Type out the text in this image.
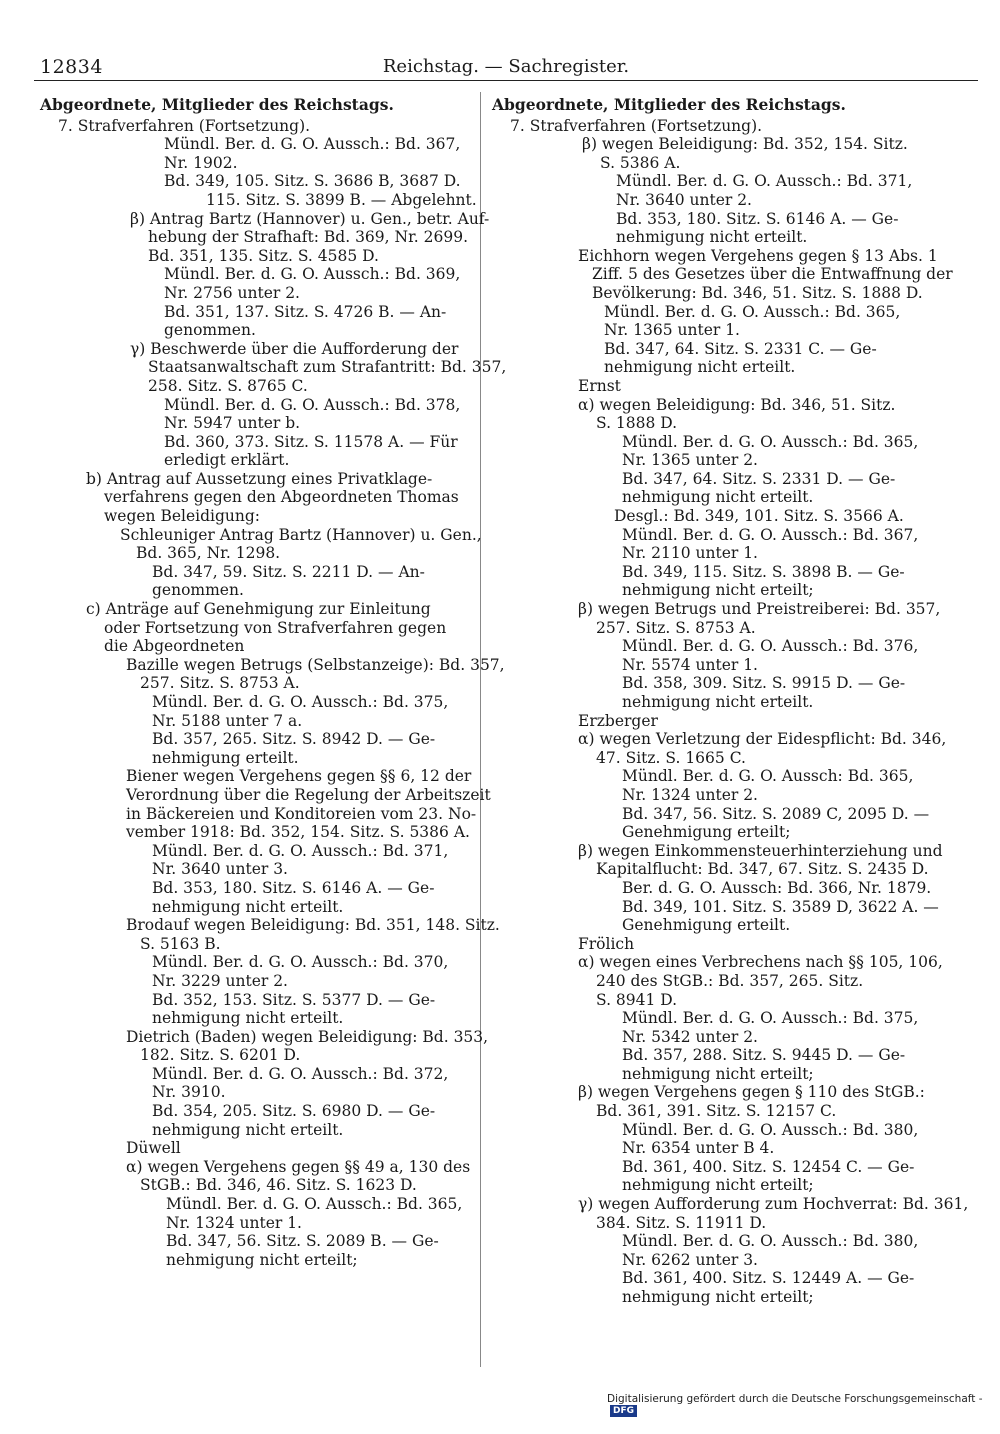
12834	Reichstag. — Sachregister.
Abgeordnete, Mitglieder des Reichstags.
7. Strafverfahren (Fortsetzung).
Mündl. Ber. d. G. O. Aussch.: Bd. 367,
Nr. 1902.
Bd. 349, 105. Sitz. S. 3686 B, 3687 D.
115. Sitz. S. 3899 B. — Abgelehnt.
β) Antrag Bartz (Hannover) u. Gen., betr. Auf-
hebung der Strafhaft: Bd. 369, Nr. 2699.
Bd. 351, 135. Sitz. S. 4585 D.
Mündl. Ber. d. G. O. Aussch.: Bd. 369,
Nr. 2756 unter 2.
Bd. 351, 137. Sitz. S. 4726 B. — An-
genommen.
γ) Beschwerde über die Aufforderung der
Staatsanwaltschaft zum Strafantritt: Bd. 357,
258. Sitz. S. 8765 C.
Mündl. Ber. d. G. O. Aussch.: Bd. 378,
Nr. 5947 unter b.
Bd. 360, 373. Sitz. S. 11578 A. — Für
erledigt erklärt.
b) Antrag auf Aussetzung eines Privatklage-
verfahrens gegen den Abgeordneten Thomas
wegen Beleidigung:
Schleuniger Antrag Bartz (Hannover) u. Gen.,
Bd. 365, Nr. 1298.
Bd. 347, 59. Sitz. S. 2211 D. — An-
genommen.
c) Anträge auf Genehmigung zur Einleitung
oder Fortsetzung von Strafverfahren gegen
die Abgeordneten
Bazille wegen Betrugs (Selbstanzeige): Bd. 357,
257. Sitz. S. 8753 A.
Mündl. Ber. d. G. O. Aussch.: Bd. 375,
Nr. 5188 unter 7 a.
Bd. 357, 265. Sitz. S. 8942 D. — Ge-
nehmigung erteilt.
Biener wegen Vergehens gegen §§ 6, 12 der
Verordnung über die Regelung der Arbeitszeit
in Bäckereien und Konditoreien vom 23. No-
vember 1918: Bd. 352, 154. Sitz. S. 5386 A.
Mündl. Ber. d. G. O. Aussch.: Bd. 371,
Nr. 3640 unter 3.
Bd. 353, 180. Sitz. S. 6146 A. — Ge-
nehmigung nicht erteilt.
Brodauf wegen Beleidigung: Bd. 351, 148. Sitz.
S. 5163 B.
Mündl. Ber. d. G. O. Aussch.: Bd. 370,
Nr. 3229 unter 2.
Bd. 352, 153. Sitz. S. 5377 D. — Ge-
nehmigung nicht erteilt.
Dietrich (Baden) wegen Beleidigung: Bd. 353,
182. Sitz. S. 6201 D.
Mündl. Ber. d. G. O. Aussch.: Bd. 372,
Nr. 3910.
Bd. 354, 205. Sitz. S. 6980 D. — Ge-
nehmigung nicht erteilt.
Düwell
α) wegen Vergehens gegen §§ 49 a, 130 des
StGB.: Bd. 346, 46. Sitz. S. 1623 D.
Mündl. Ber. d. G. O. Aussch.: Bd. 365,
Nr. 1324 unter 1.
Bd. 347, 56. Sitz. S. 2089 B. — Ge-
nehmigung nicht erteilt;
Abgeordnete, Mitglieder des Reichstags.
7. Strafverfahren (Fortsetzung).
β) wegen Beleidigung: Bd. 352, 154. Sitz.
S. 5386 A.
Mündl. Ber. d. G. O. Aussch.: Bd. 371,
Nr. 3640 unter 2.
Bd. 353, 180. Sitz. S. 6146 A. — Ge-
nehmigung nicht erteilt.
Eichhorn wegen Vergehens gegen § 13 Abs. 1
Ziff. 5 des Gesetzes über die Entwaffnung der
Bevölkerung: Bd. 346, 51. Sitz. S. 1888 D.
Mündl. Ber. d. G. O. Aussch.: Bd. 365,
Nr. 1365 unter 1.
Bd. 347, 64. Sitz. S. 2331 C. — Ge-
nehmigung nicht erteilt.
Ernst
α) wegen Beleidigung: Bd. 346, 51. Sitz.
S. 1888 D.
Mündl. Ber. d. G. O. Aussch.: Bd. 365,
Nr. 1365 unter 2.
Bd. 347, 64. Sitz. S. 2331 D. — Ge-
nehmigung nicht erteilt.
Desgl.: Bd. 349, 101. Sitz. S. 3566 A.
Mündl. Ber. d. G. O. Aussch.: Bd. 367,
Nr. 2110 unter 1.
Bd. 349, 115. Sitz. S. 3898 B. — Ge-
nehmigung nicht erteilt;
β) wegen Betrugs und Preistreiberei: Bd. 357,
257. Sitz. S. 8753 A.
Mündl. Ber. d. G. O. Aussch.: Bd. 376,
Nr. 5574 unter 1.
Bd. 358, 309. Sitz. S. 9915 D. — Ge-
nehmigung nicht erteilt.
Erzberger
α) wegen Verletzung der Eidespflicht: Bd. 346,
47. Sitz. S. 1665 C.
Mündl. Ber. d. G. O. Aussch: Bd. 365,
Nr. 1324 unter 2.
Bd. 347, 56. Sitz. S. 2089 C, 2095 D. —
Genehmigung erteilt;
β) wegen Einkommensteuerhinterziehung und
Kapitalflucht: Bd. 347, 67. Sitz. S. 2435 D.
Ber. d. G. O. Aussch: Bd. 366, Nr. 1879.
Bd. 349, 101. Sitz. S. 3589 D, 3622 A. —
Genehmigung erteilt.
Frölich
α) wegen eines Verbrechens nach §§ 105, 106,
240 des StGB.: Bd. 357, 265. Sitz.
S. 8941 D.
Mündl. Ber. d. G. O. Aussch.: Bd. 375,
Nr. 5342 unter 2.
Bd. 357, 288. Sitz. S. 9445 D. — Ge-
nehmigung nicht erteilt;
β) wegen Vergehens gegen § 110 des StGB.:
Bd. 361, 391. Sitz. S. 12157 C.
Mündl. Ber. d. G. O. Aussch.: Bd. 380,
Nr. 6354 unter B 4.
Bd. 361, 400. Sitz. S. 12454 C. — Ge-
nehmigung nicht erteilt;
γ) wegen Aufforderung zum Hochverrat: Bd. 361,
384. Sitz. S. 11911 D.
Mündl. Ber. d. G. O. Aussch.: Bd. 380,
Nr. 6262 unter 3.
Bd. 361, 400. Sitz. S. 12449 A. — Ge-
nehmigung nicht erteilt;
Digitalisierung gefördert durch die Deutsche Forschungsgemeinschaft -DFG
